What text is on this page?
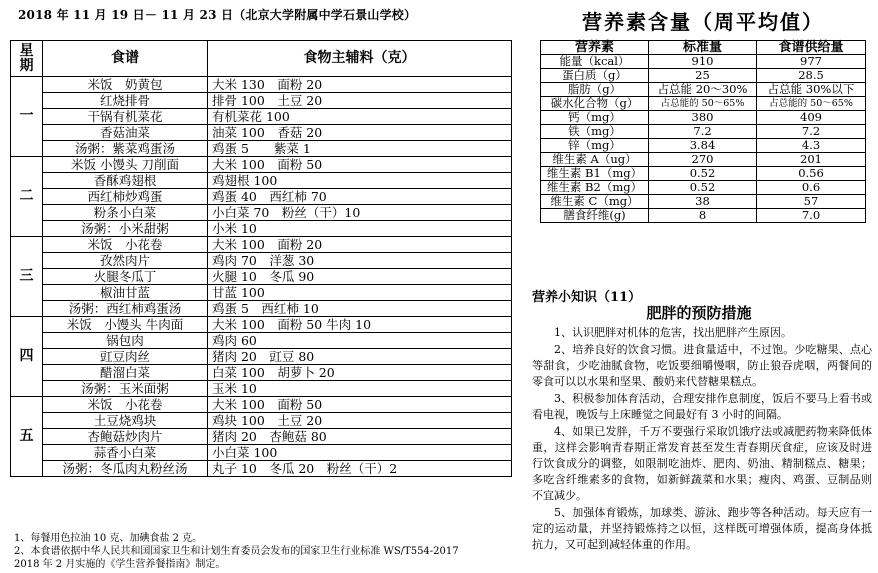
2018 年 11 月 19 日－ 11 月 23 日（北京大学附属中学石景山学校）
星期	食谱	食物主辅料（克）
一	米饭　奶黄包	大米 130　面粉 20
	红烧排骨	排骨 100　土豆 20
	干锅有机菜花	有机菜花 100
	香菇油菜	油菜 100　香菇 20
	汤粥：紫菜鸡蛋汤	鸡蛋 5　　紫菜 1
二	米饭 小馒头 刀削面	大米 100　面粉 50
	香酥鸡翅根	鸡翅根 100
	西红柿炒鸡蛋	鸡蛋 40　西红柿 70
	粉条小白菜	小白菜 70　粉丝（干）10
	汤粥：小米甜粥	小米 10
三	米饭　小花卷	大米 100　面粉 20
	孜然肉片	鸡肉 70　洋葱 30
	火腿冬瓜丁	火腿 10　冬瓜 90
	椒油甘蓝	甘蓝 100
	汤粥：西红柿鸡蛋汤	鸡蛋 5　西红柿 10
四	米饭　小馒头 牛肉面	大米 100　面粉 50 牛肉 10
	锅包肉	鸡肉 60
	豇豆肉丝	猪肉 20　豇豆 80
	醋溜白菜	白菜 100　胡萝卜 20
	汤粥：玉米面粥	玉米 10
五	米饭　小花卷	大米 100　面粉 50
	土豆烧鸡块	鸡块 100　土豆 20
	杏鲍菇炒肉片	猪肉 20　杏鲍菇 80
	蒜香小白菜	小白菜 100
	汤粥：冬瓜肉丸粉丝汤	丸子 10　冬瓜 20　粉丝（干）2
1、每餐用色拉油 10 克、加碘食盐 2 克。
2、本食谱依据中华人民共和国国家卫生和计划生育委员会发布的国家卫生行业标准 WS/T554-2017
2018 年 2 月实施的《学生营养餐指南》制定。
营养素含量（周平均值）
营养素	标准量	食谱供给量
能量（kcal）	910	977
蛋白质（g）	25	28.5
脂肪（g）	占总能 20～30%	占总能 30%以下
碳水化合物（g）	占总能的 50～65%	占总能的 50～65%
钙（mg）	380	409
铁（mg）	7.2	7.2
锌（mg）	3.84	4.3
维生素 A（ug）	270	201
维生素 B1（mg）	0.52	0.56
维生素 B2（mg）	0.52	0.6
维生素 C（mg）	38	57
膳食纤维(g)	8	7.0
营养小知识（11）
肥胖的预防措施

1、认识肥胖对机体的危害，找出肥胖产生原因。

2、培养良好的饮食习惯。进食量适中，不过饱。少吃糖果、点心等甜食，少吃油腻食物，吃饭要细嚼慢咽，防止狼吞虎咽，两餐间的零食可以以水果和坚果、酸奶来代替糖果糕点。

3、积极参加体育活动，合理安排作息制度，饭后不要马上看书或看电视，晚饭与上床睡觉之间最好有 3 小时的间隔。

4、如果已发胖，千万不要强行采取饥饿疗法或减肥药物来降低体重，这样会影响青春期正常发育甚至发生青春期厌食症，应该及时进行饮食成分的调整，如限制吃油炸、肥肉、奶油、精制糕点、糖果；多吃含纤维素多的食物，如新鲜蔬菜和水果；瘦肉、鸡蛋、豆制品则不宜减少。

5、加强体育锻炼，加球类、游泳、跑步等各种活动。每天应有一定的运动量，并坚持锻炼持之以恒，这样既可增强体质，提高身体抵抗力，又可起到减轻体重的作用。
